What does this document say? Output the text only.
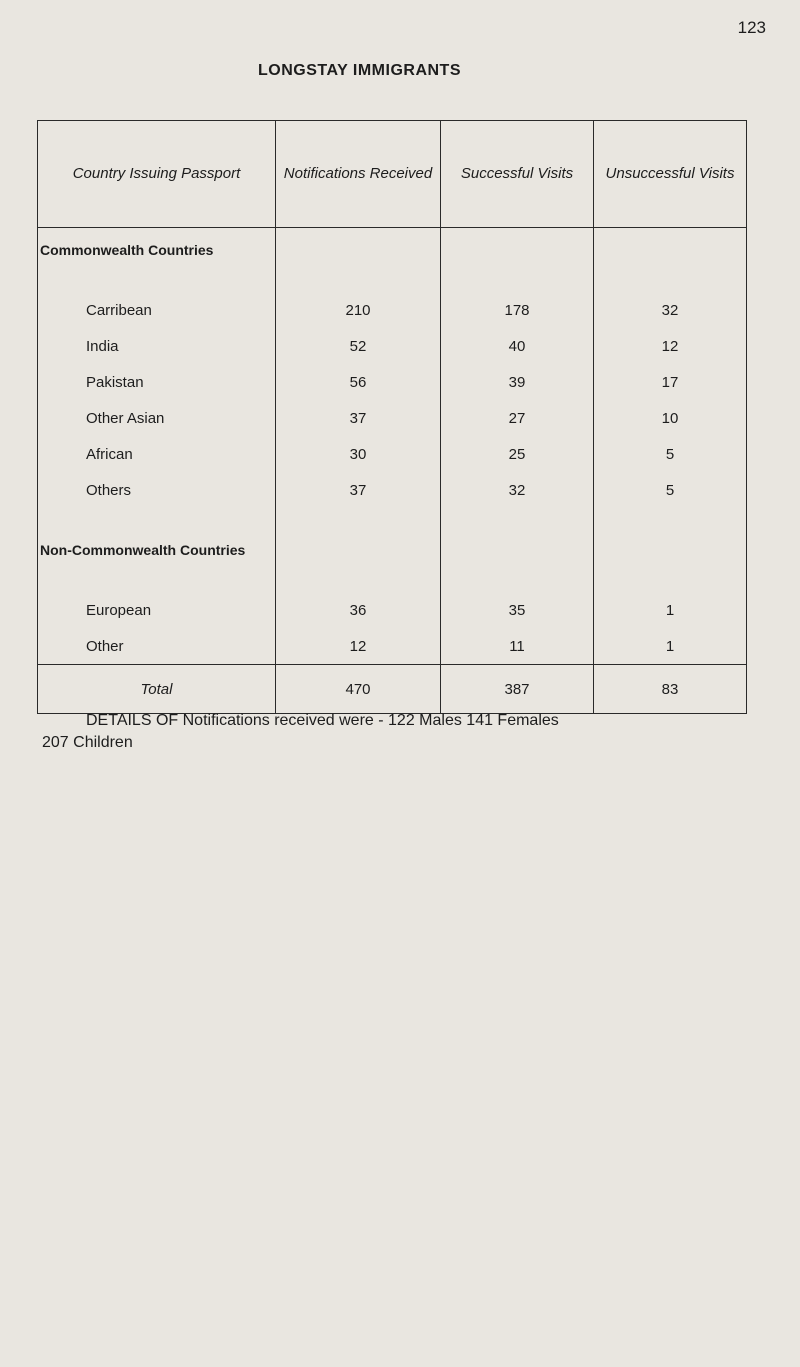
123
LONGSTAY IMMIGRANTS
Country Issuing Passport	Notifications Received	Successful Visits	Unsuccessful Visits
Commonwealth Countries			

Carribean	210	178	32
India	52	40	12
Pakistan	56	39	17
Other Asian	37	27	10
African	30	25	5
Others	37	32	5

Non-Commonwealth Countries			

European	36	35	1
Other	12	11	1
Total	470	387	83
DETAILS OF Notifications received were - 122 Males 141 Females
207 Children
